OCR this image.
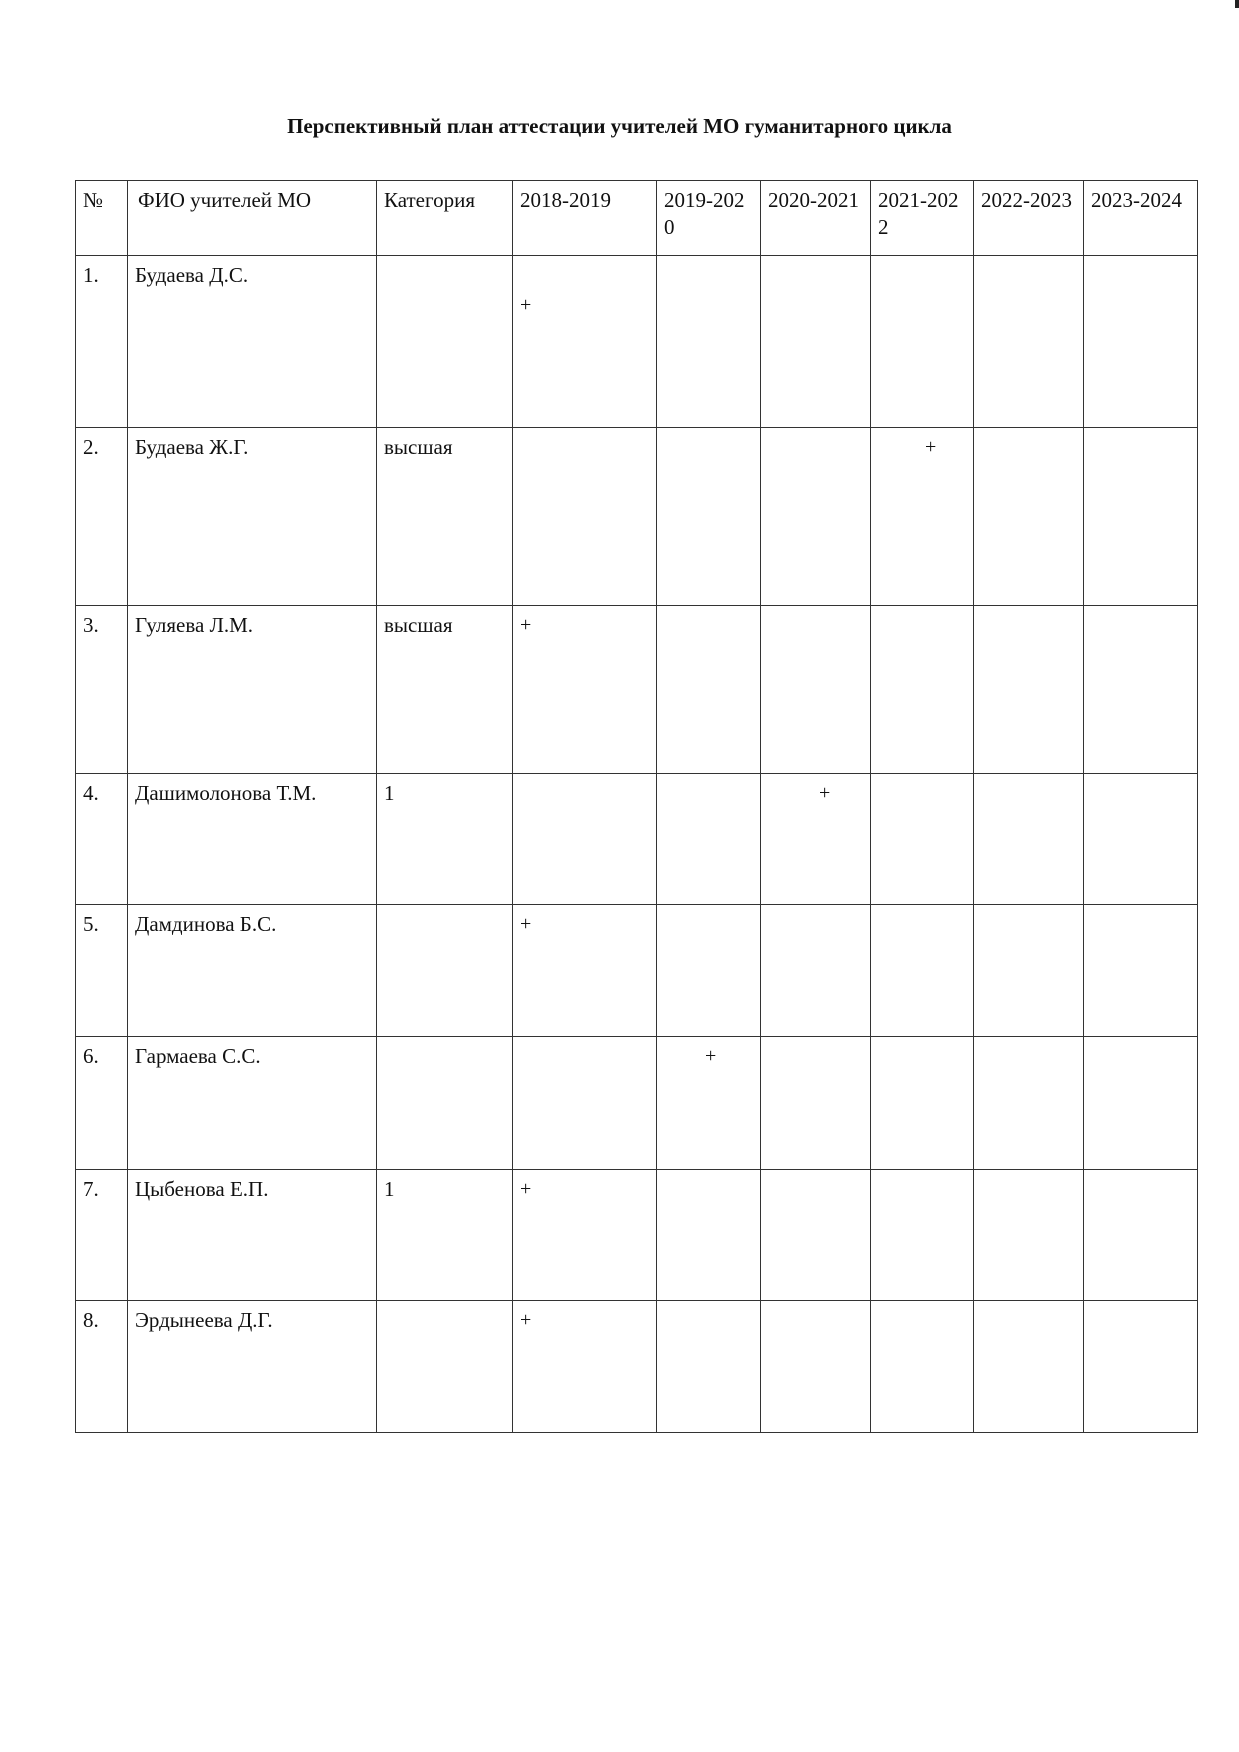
Перспективный план аттестации учителей МО гуманитарного цикла
№	ФИО учителей МО	Категория	2018-2019	2019-2020	2020-2021	2021-2022	2022-2023	2023-2024
1.	Будаева Д.С.		+					
2.	Будаева Ж.Г.	высшая				+		
3.	Гуляева Л.М.	высшая	+					
4.	Дашимолонова Т.М.	1			+			
5.	Дамдинова Б.С.		+					
6.	Гармаева С.С.			+				
7.	Цыбенова Е.П.	1	+					
8.	Эрдынеева Д.Г.		+					
